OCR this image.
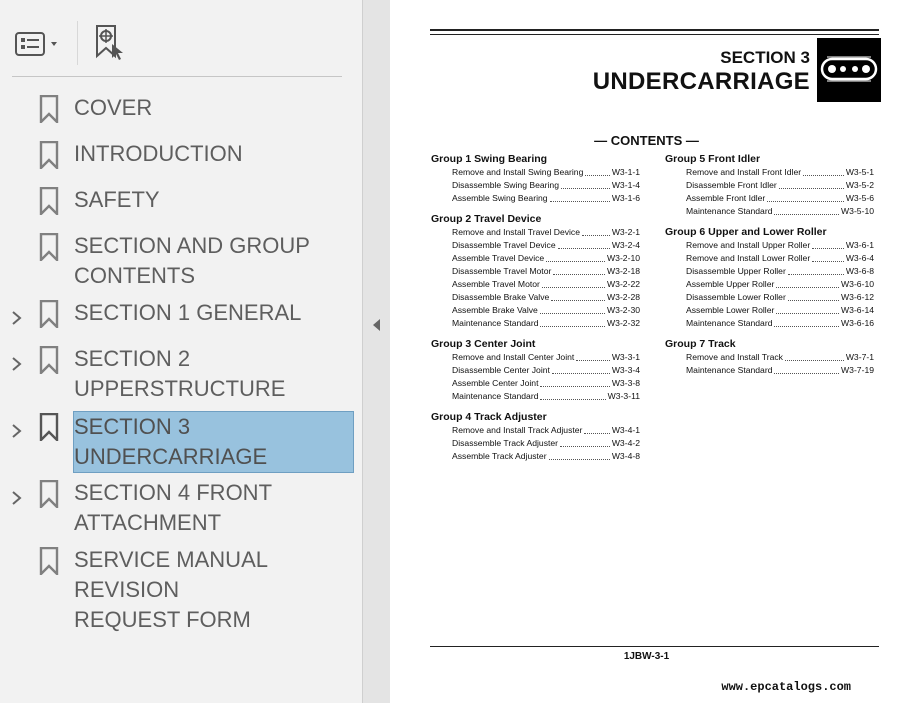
COVER
INTRODUCTION
SAFETY
SECTION AND GROUP
CONTENTS
SECTION 1 GENERAL
SECTION 2
UPPERSTRUCTURE
SECTION 3
UNDERCARRIAGE
SECTION 4 FRONT
ATTACHMENT
SERVICE MANUAL REVISION
REQUEST FORM
SECTION 3
UNDERCARRIAGE
— CONTENTS —
Group 1 Swing Bearing
Remove and Install Swing Bearing	W3-1-1
Disassemble Swing Bearing	W3-1-4
Assemble Swing Bearing	W3-1-6
Group 2 Travel Device
Remove and Install Travel Device	W3-2-1
Disassemble Travel Device	W3-2-4
Assemble Travel Device	W3-2-10
Disassemble Travel Motor	W3-2-18
Assemble Travel Motor	W3-2-22
Disassemble Brake Valve	W3-2-28
Assemble Brake Valve	W3-2-30
Maintenance Standard	W3-2-32
Group 3 Center Joint
Remove and Install Center Joint	W3-3-1
Disassemble Center Joint	W3-3-4
Assemble Center Joint	W3-3-8
Maintenance Standard	W3-3-11
Group 4 Track Adjuster
Remove and Install Track Adjuster	W3-4-1
Disassemble Track Adjuster	W3-4-2
Assemble Track Adjuster	W3-4-8
Group 5 Front Idler
Remove and Install Front Idler	W3-5-1
Disassemble Front Idler	W3-5-2
Assemble Front Idler	W3-5-6
Maintenance Standard	W3-5-10
Group 6 Upper and Lower Roller
Remove and Install Upper Roller	W3-6-1
Remove and Install Lower Roller	W3-6-4
Disassemble Upper Roller	W3-6-8
Assemble Upper Roller	W3-6-10
Disassemble Lower Roller	W3-6-12
Assemble Lower Roller	W3-6-14
Maintenance Standard	W3-6-16
Group 7 Track
Remove and Install Track	W3-7-1
Maintenance Standard	W3-7-19
1JBW-3-1
www.epcatalogs.com
